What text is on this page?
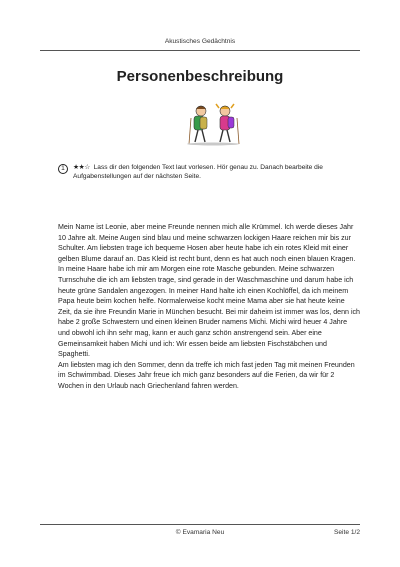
Akustisches Gedächtnis
Personenbeschreibung
1	★★☆ Lass dir den folgenden Text laut vorlesen. Hör genau zu. Danach bearbeite die Aufgabenstellungen auf der nächsten Seite.

Mein Name ist Leonie, aber meine Freunde nennen mich alle Krümmel. Ich werde dieses Jahr 10 Jahre alt. Meine Augen sind blau und meine schwarzen lockigen Haare reichen mir bis zur Schulter. Am liebsten trage ich bequeme Hosen aber heute habe ich ein rotes Kleid mit einer gelben Blume darauf an. Das Kleid ist recht bunt, denn es hat auch noch einen blauen Kragen. In meine Haare habe ich mir am Morgen eine rote Masche gebunden. Meine schwarzen Turnschuhe die ich am liebsten trage, sind gerade in der Waschmaschine und darum habe ich heute grüne Sandalen angezogen. In meiner Hand halte ich einen Kochlöffel, da ich meinem Papa heute beim kochen helfe. Normalerweise kocht meine Mama aber sie hat heute keine Zeit, da sie ihre Freundin Marie in München besucht. Bei mir daheim ist immer was los, denn ich habe 2 große Schwestern und einen kleinen Bruder namens Michi. Michi wird heuer 4 Jahre und obwohl ich ihn sehr mag, kann er auch ganz schön anstrengend sein. Aber eine Gemeinsamkeit haben Michi und ich: Wir essen beide am liebsten Fischstäbchen und Spaghetti.

Am liebsten mag ich den Sommer, denn da treffe ich mich fast jeden Tag mit meinen Freunden im Schwimmbad. Dieses Jahr freue ich mich ganz besonders auf die Ferien, da wir für 2 Wochen in den Urlaub nach Griechenland fahren werden.

© Evamaria Neu	Seite 1/2
